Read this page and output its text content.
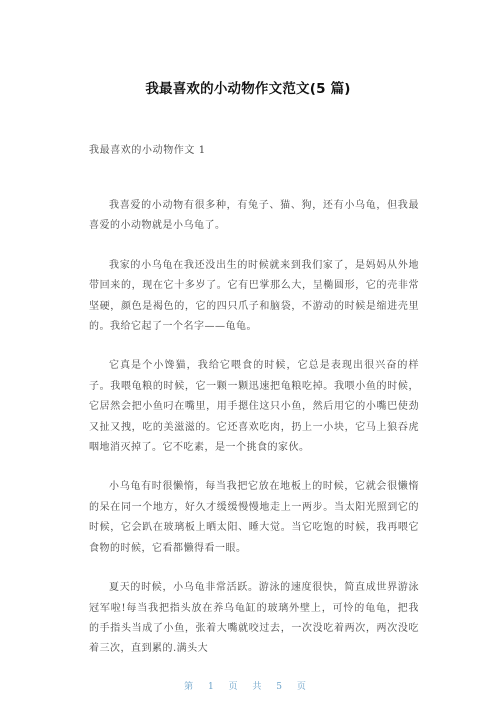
我最喜欢的小动物作文范文(5 篇)
我最喜欢的小动物作文 1

我喜爱的小动物有很多种，有兔子、猫、狗，还有小乌龟，但我最喜爱的小动物就是小乌龟了。

我家的小乌龟在我还没出生的时候就来到我们家了，是妈妈从外地带回来的，现在它十多岁了。它有巴掌那么大，呈椭圆形，它的壳非常坚硬，颜色是褐色的，它的四只爪子和脑袋，不游动的时候是缩进壳里的。我给它起了一个名字——龟龟。

它真是个小馋猫，我给它喂食的时候，它总是表现出很兴奋的样子。我喂龟粮的时候，它一颗一颗迅速把龟粮吃掉。我喂小鱼的时候，它居然会把小鱼叼在嘴里，用手摁住这只小鱼，然后用它的小嘴巴使劲又扯又拽，吃的美滋滋的。它还喜欢吃肉，扔上一小块，它马上狼吞虎咽地消灭掉了。它不吃素，是一个挑食的家伙。

小乌龟有时很懒惰，每当我把它放在地板上的时候，它就会很懒惰的呆在同一个地方，好久才缓缓慢慢地走上一两步。当太阳光照到它的时候，它会趴在玻璃板上晒太阳、睡大觉。当它吃饱的时候，我再喂它食物的时候，它看都懒得看一眼。

夏天的时候，小乌龟非常活跃。游泳的速度很快，简直成世界游泳冠军啦!每当我把指头放在养乌龟缸的玻璃外壁上，可怜的龟龟，把我的手指头当成了小鱼，张着大嘴就咬过去，一次没吃着两次，两次没吃着三次，直到累的.满头大

第 1 页 共 5 页
